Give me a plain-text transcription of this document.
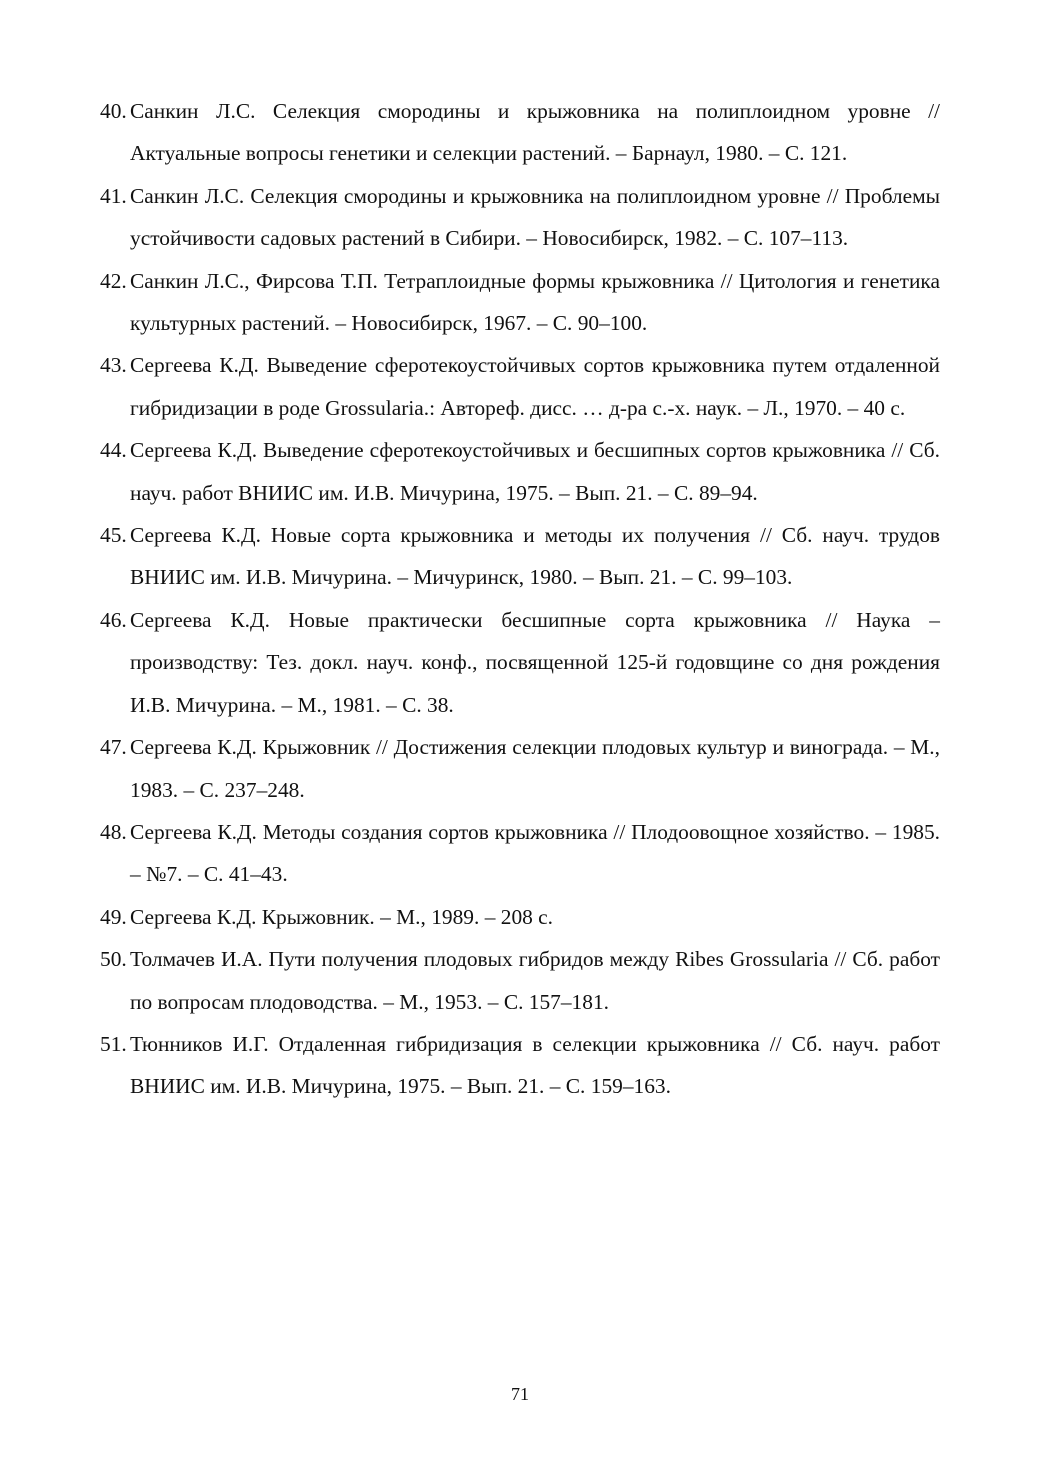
40. Санкин Л.С. Селекция смородины и крыжовника на полиплоидном уровне // Актуальные вопросы генетики и селекции растений. – Барнаул, 1980. – С. 121.
41. Санкин Л.С. Селекция смородины и крыжовника на полиплоидном уровне // Проблемы устойчивости садовых растений в Сибири. – Новосибирск, 1982. – С. 107–113.
42. Санкин Л.С., Фирсова Т.П. Тетраплоидные формы крыжовника // Цитология и генетика культурных растений. – Новосибирск, 1967. – С. 90–100.
43. Сергеева К.Д. Выведение сферотекоустойчивых сортов крыжовника путем отдаленной гибридизации в роде Grossularia.: Автореф. дисс. … д-ра с.-х. наук. – Л., 1970. – 40 с.
44. Сергеева К.Д. Выведение сферотекоустойчивых и бесшипных сортов крыжовника // Сб. науч. работ ВНИИС им. И.В. Мичурина, 1975. – Вып. 21. – С. 89–94.
45. Сергеева К.Д. Новые сорта крыжовника и методы их получения // Сб. науч. трудов ВНИИС им. И.В. Мичурина. – Мичуринск, 1980. – Вып. 21. – С. 99–103.
46. Сергеева К.Д. Новые практически бесшипные сорта крыжовника // Наука – производству: Тез. докл. науч. конф., посвященной 125-й годовщине со дня рождения И.В. Мичурина. – М., 1981. – С. 38.
47. Сергеева К.Д. Крыжовник // Достижения селекции плодовых культур и винограда. – М., 1983. – С. 237–248.
48. Сергеева К.Д. Методы создания сортов крыжовника // Плодоовощное хозяйство. – 1985. – №7. – С. 41–43.
49. Сергеева К.Д. Крыжовник. – М., 1989. – 208 с.
50. Толмачев И.А. Пути получения плодовых гибридов между Ribes Grossularia // Сб. работ по вопросам плодоводства. – М., 1953. – С. 157–181.
51. Тюнников И.Г. Отдаленная гибридизация в селекции крыжовника // Сб. науч. работ ВНИИС им. И.В. Мичурина, 1975. – Вып. 21. – С. 159–163.
71
